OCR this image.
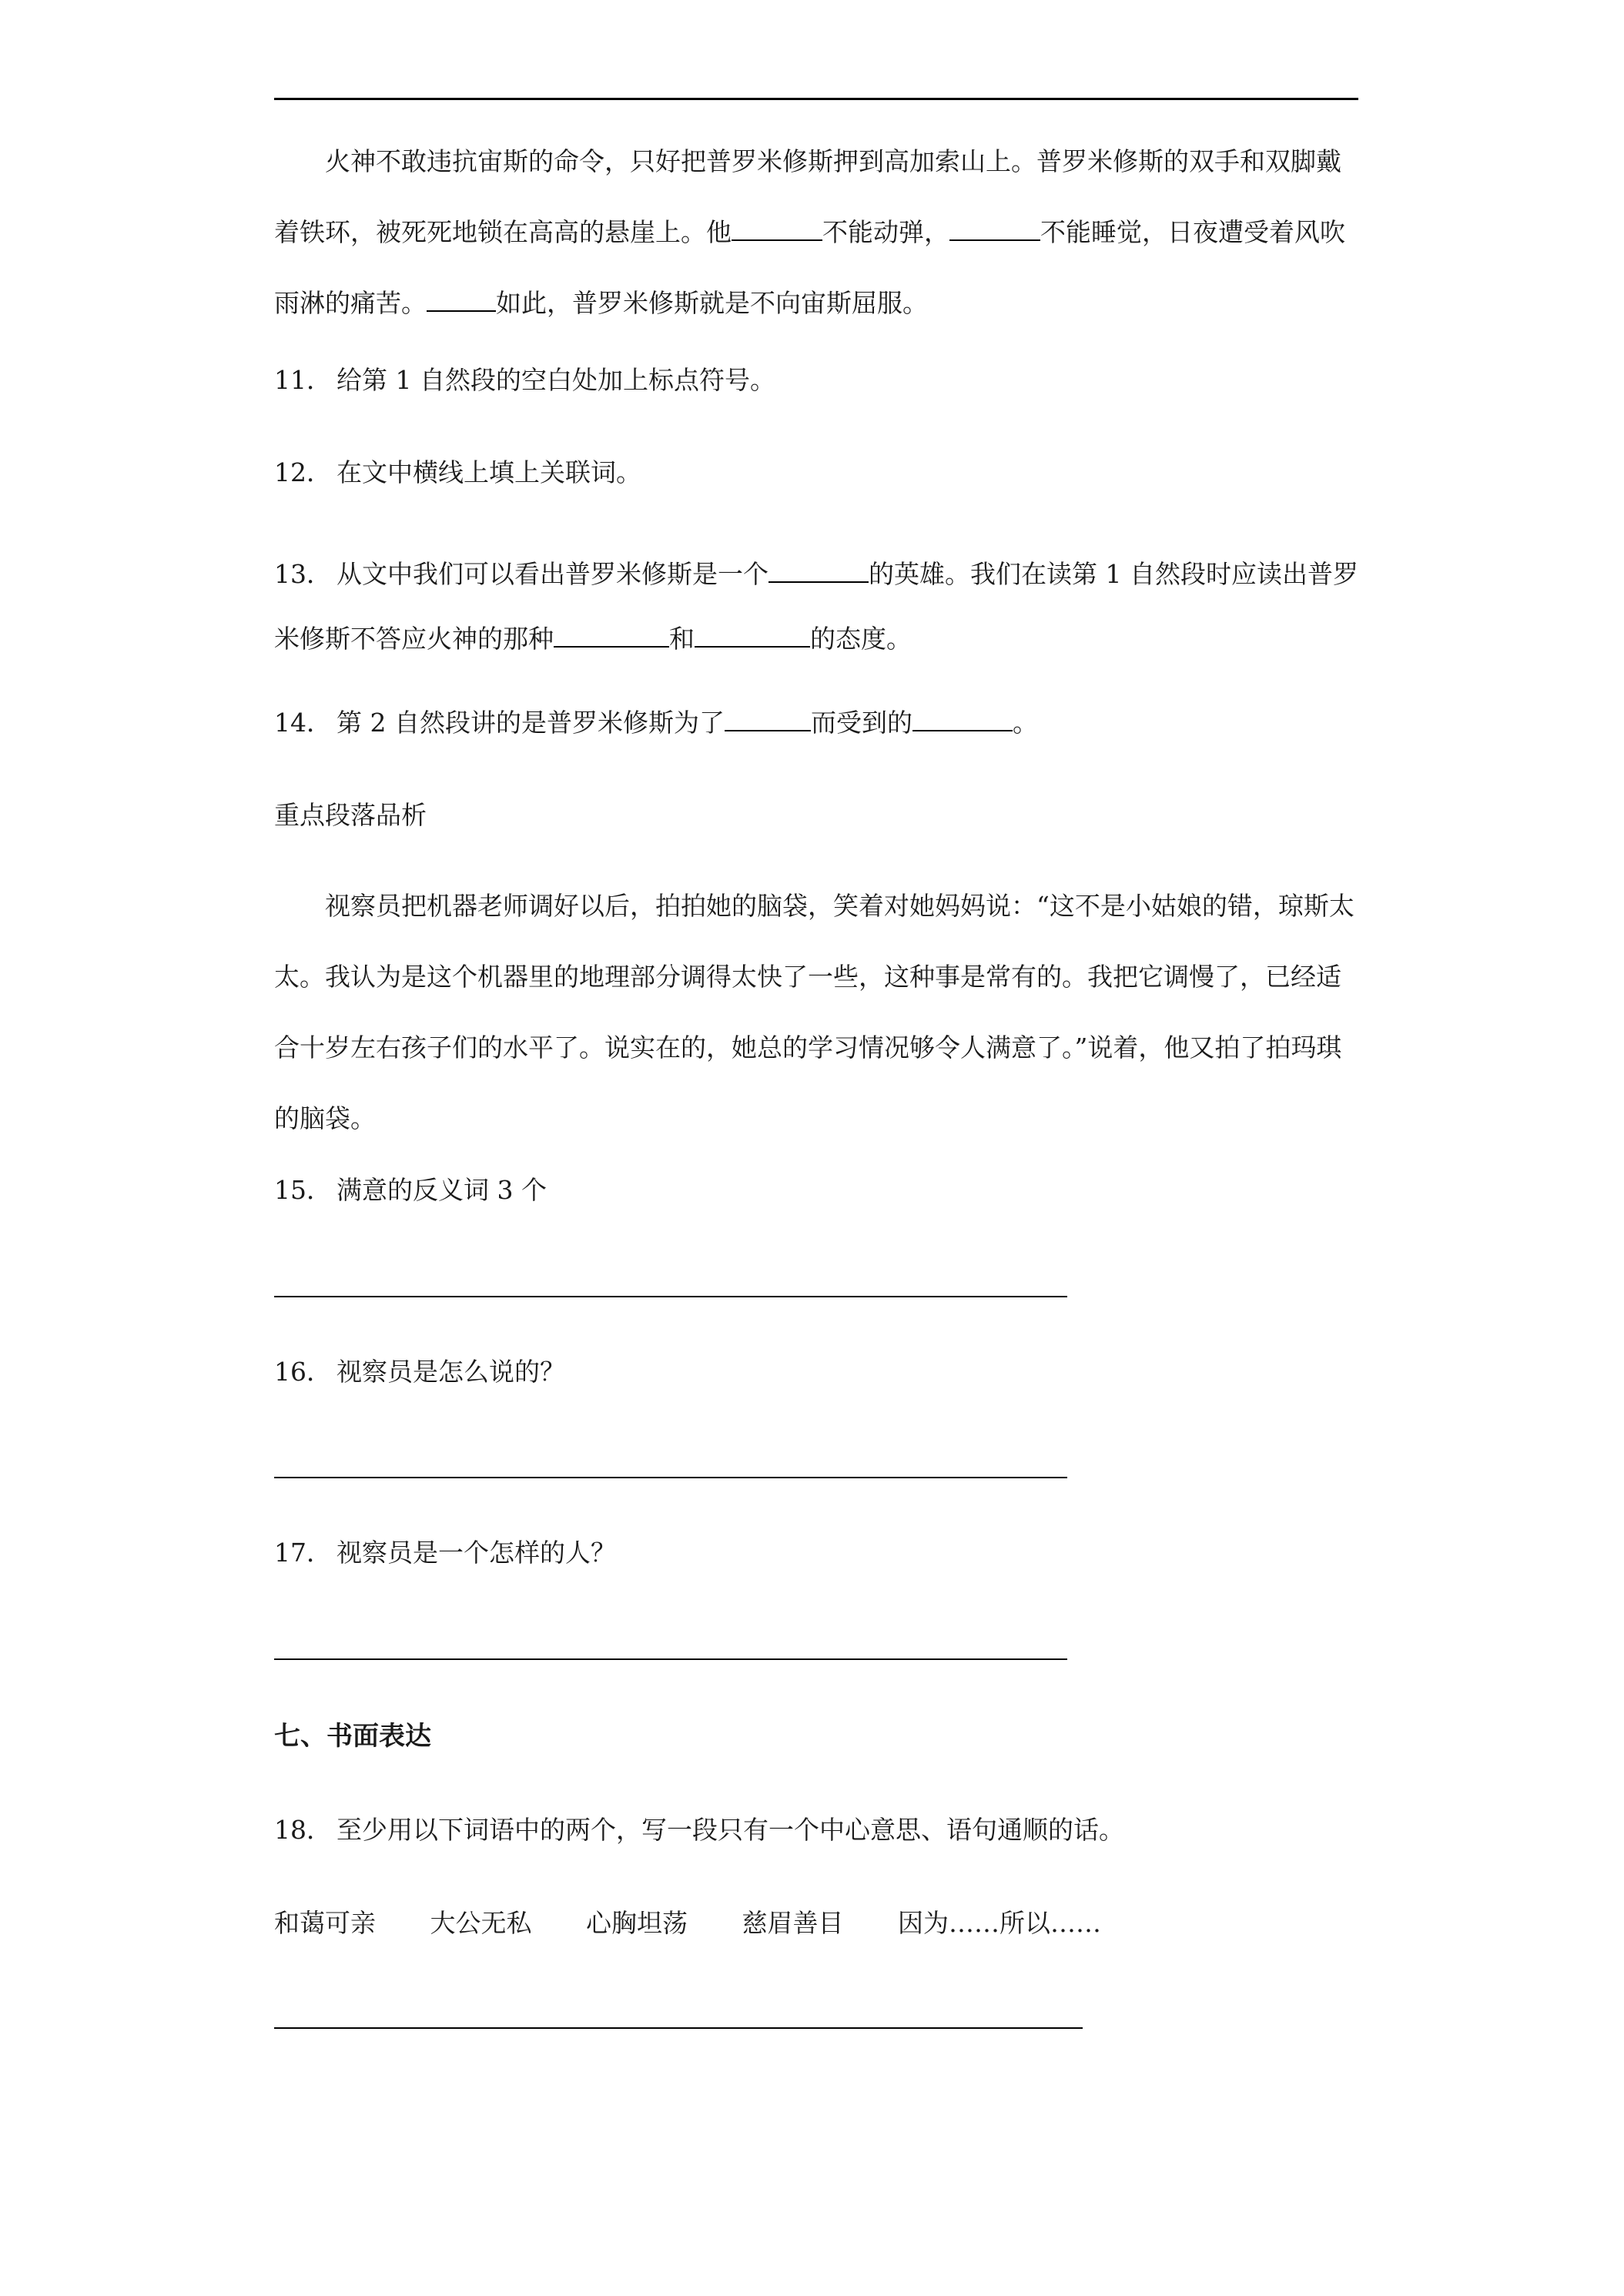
火神不敢违抗宙斯的命令，只好把普罗米修斯押到高加索山上。普罗米修斯的双手和双脚戴着铁环，被死死地锁在高高的悬崖上。他	不能动弹，	不能睡觉，日夜遭受着风吹雨淋的痛苦。	如此，普罗米修斯就是不向宙斯屈服。

11． 给第 1 自然段的空白处加上标点符号。

12． 在文中横线上填上关联词。

13． 从文中我们可以看出普罗米修斯是一个	的英雄。我们在读第 1 自然段时应读出普罗米修斯不答应火神的那种	和	的态度。

14． 第 2 自然段讲的是普罗米修斯为了	而受到的	。

重点段落品析

视察员把机器老师调好以后，拍拍她的脑袋，笑着对她妈妈说：“这不是小姑娘的错，琼斯太太。我认为是这个机器里的地理部分调得太快了一些，这种事是常有的。我把它调慢了，已经适合十岁左右孩子们的水平了。说实在的，她总的学习情况够令人满意了。”说着，他又拍了拍玛琪的脑袋。

15． 满意的反义词 3 个

16． 视察员是怎么说的？

17． 视察员是一个怎样的人？

七、书面表达

18． 至少用以下词语中的两个，写一段只有一个中心意思、语句通顺的话。

和蔼可亲 大公无私 心胸坦荡 慈眉善目 因为……所以……
